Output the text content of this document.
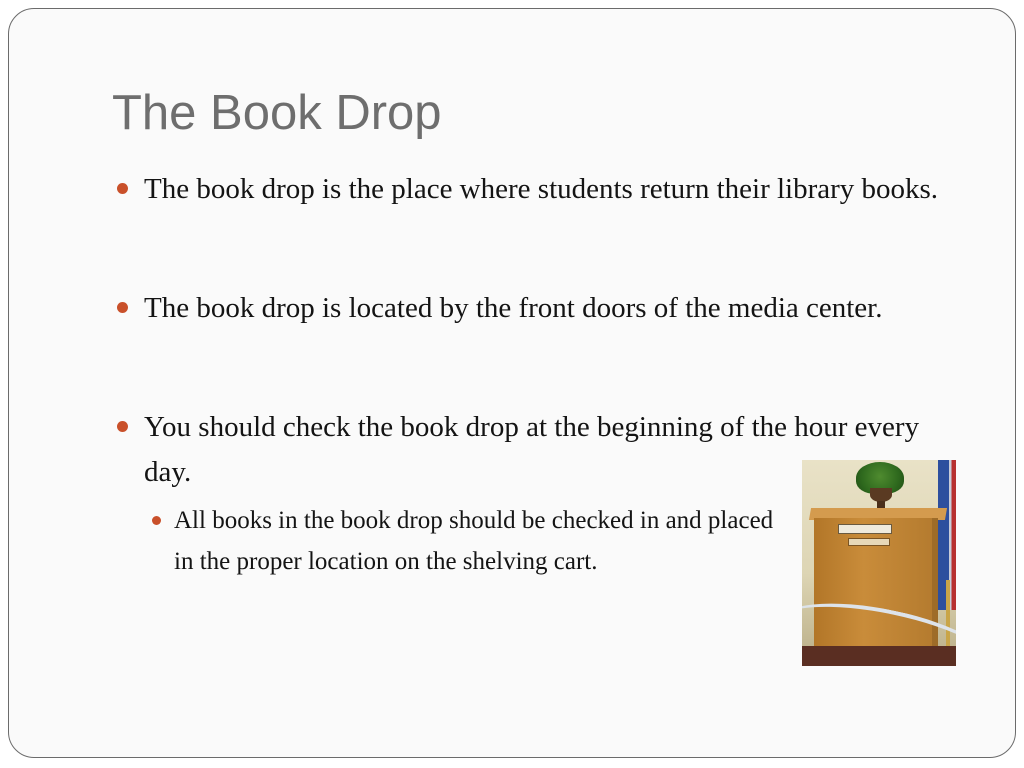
The Book Drop
The book drop is the place where students return their library books.
The book drop is located by the front doors of the media center.
You should check the book drop at the beginning of the hour every day.
All books in the book drop should be checked in and placed in the proper location on the shelving cart.
